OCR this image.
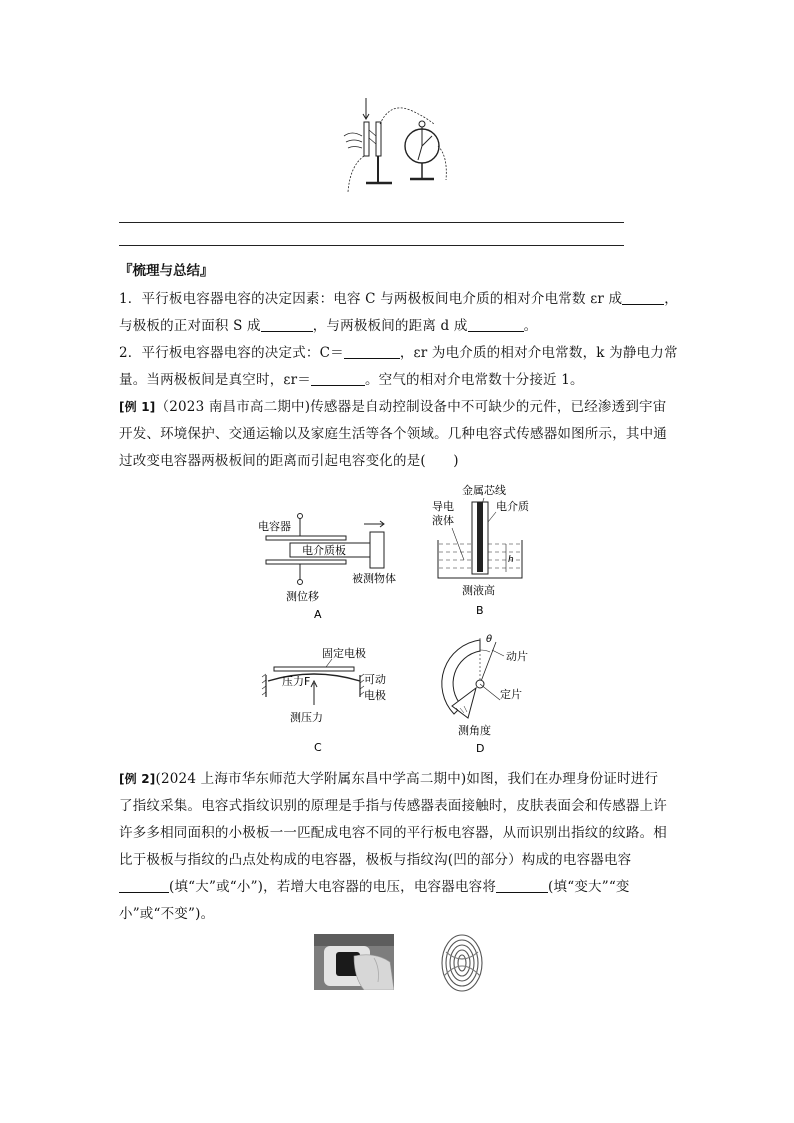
『梳理与总结』

1．平行板电容器电容的决定因素：电容 C 与两极板间电介质的相对介电常数 εr 成	，

与极板的正对面积 S 成	，与两极板间的距离 d 成	。

2．平行板电容器电容的决定式：C＝	，εr 为电介质的相对介电常数，k 为静电力常

量。当两极板间是真空时，εr＝	。空气的相对介电常数十分接近 1。

[例 1]（2023 南昌市高二期中)传感器是自动控制设备中不可缺少的元件，已经渗透到宇宙

开发、环境保护、交通运输以及家庭生活等各个领域。几种电容式传感器如图所示，其中通

过改变电容器两极板间的距离而引起电容变化的是(　　)

电容器
电介质板
被测物体
测位移
A
金属芯线
导电
液体
电介质
h
测液高
B
固定电极
压力F	可动
电极
测压力
C
θ
动片
定片
测角度
D

[例 2](2024 上海市华东师范大学附属东昌中学高二期中)如图，我们在办理身份证时进行

了指纹采集。电容式指纹识别的原理是手指与传感器表面接触时，皮肤表面会和传感器上许

许多多相同面积的小极板一一匹配成电容不同的平行板电容器，从而识别出指纹的纹路。相

比于极板与指纹的凸点处构成的电容器，极板与指纹沟(凹的部分）构成的电容器电容

(填“大”或“小”)，若增大电容器的电压，电容器电容将	(填“变大”“变

小”或“不变”)。
